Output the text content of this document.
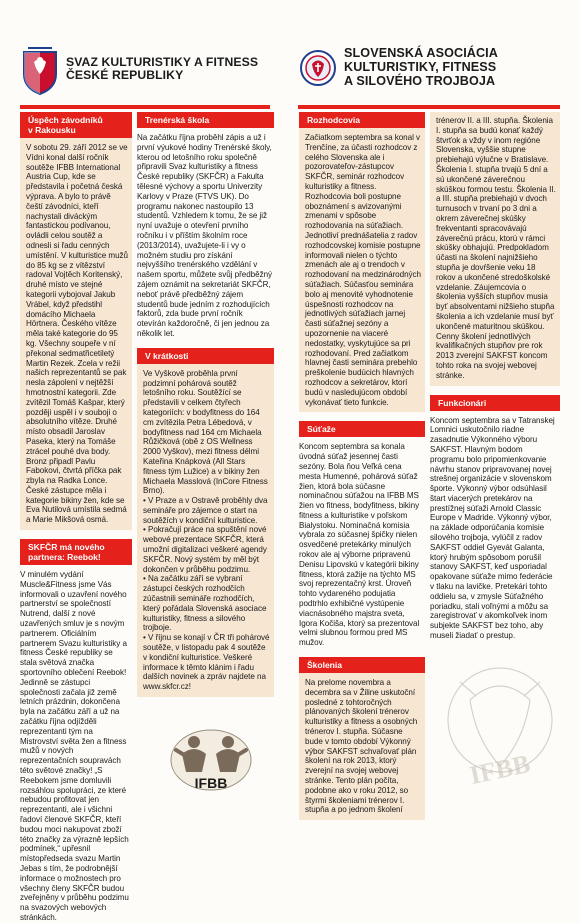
SVAZ KULTURISTIKY A FITNESS
ČESKÉ REPUBLIKY
SLOVENSKÁ ASOCIÁCIA
KULTURISTIKY, FITNESS
A SILOVÉHO TROJBOJA
Úspěch závodníků
v Rakousku

V sobotu 29. září 2012 se ve Vídni konal další ročník soutěže IFBB International Austria Cup, kde se představila i početná česká výprava. A bylo to právě čeští závodníci, kteří nachystali diváckým fantastickou podívanou, ovládli celou soutěž a odnesli si řadu cenných umístění. V kulturistice mužů do 85 kg se z vítězství radoval Vojtěch Koritenský, druhé místo ve stejné kategorii vybojoval Jakub Vrábel, když předstihl domácího Michaela Hörtnera. Českého vítěze měla také kategorie do 95 kg. Všechny soupeře v ní překonal sedmatřicetiletý Martin Rezek. Zcela v režii našich reprezentantů se pak nesla zápolení v nejtěžší hmotnostní kategorii. Zde zvítězil Tomáš Kašpar, který později uspěl i v souboji o absolutního vítěze. Druhé místo obsadil Jaroslav Paseka, který na Tomáše ztrácel pouhé dva body. Bronz připadl Pavlu Fabokovi, čtvrtá příčka pak zbyla na Radka Lonce. České zástupce měla i kategorie bikiny žen, kde se Eva Nutilová umístila sedmá a Marie Mikšová osmá.

SKFČR má nového
partnera: Reebok!

V minulém vydání Muscle&Fitness jsme Vás informovali o uzavření nového partnerství se společností Nutrend, další z nové uzavřených smluv je s novým partnerem. Oficiálním partnerem Svazu kulturistiky a fitness České republiky se stala světová značka sportovního oblečení Reebok! Jedinně se zástupci společnosti začala již země letních prázdnin, dokončena byla na začátku září a už na začátku října odjížděli reprezentanti tým na Mistrovství světa žen a fitness mužů v nových reprezentačních soupravách této světové značky! „S Reebokem jsme domluvili rozsáhlou spolupráci, ze které nebudou profitovat jen reprezentanti, ale i všichni řadoví členové SKFČR, kteří budou moci nakupovat zboží této značky za výrazně lepších podmínek,“ upřesnil místopředseda svazu Martin Jebas s tím, že podrobnější informace o možnostech pro všechny členy SKFČR budou zveřejněny v průběhu podzimu na svazových webových stránkách.

Trenérská škola

Na začátku října proběhl zápis a už i první výukové hodiny Trenérské školy, kterou od letošního roku společně připravili Svaz kulturistiky a fitness České republiky (SKFČR) a Fakulta tělesné výchovy a sportu Univerzity Karlovy v Praze (FTVS UK). Do programu nakonec nastoupilo 13 studentů. Vzhledem k tomu, že se již nyní uvažuje o otevření prvního ročníku i v příštím školním roce (2013/2014), uvažujete-li i vy o možném studiu pro získání nejvyššího trenérského vzdělání v našem sportu, můžete svůj předběžný zájem oznámit na sekretariát SKFČR, neboť právě předběžný zájem studentů bude jedním z rozhodujících faktorů, zda bude první ročník otevírán každoročně, či jen jednou za několik let.

V krátkosti

Ve Vyškově proběhla první podzimní pohárová soutěž letošního roku. Soutěžící se představili v celkem čtyřech kategoriích: v bodyfitness do 164 cm zvítězila Petra Lébedová, v bodyfitness nad 164 cm Michaela Růžičková (obě z OS Wellness 2000 Vyškov), mezi fitness délmi Kateřina Knápková (All Stars fitness tým Lužice) a v bikiny žen Michaela Masslová (InCore Fitness Brno).

• V Praze a v Ostravě proběhly dva semináře pro zájemce o start na soutěžích v kondiční kulturistice.

• Pokračují práce na spuštění nové webové prezentace SKFČR, která umožní digitalizaci veškeré agendy SKFČR. Nový systém by měl být dokončen v průběhu podzimu.

• Na začátku září se vybraní zástupci českých rozhodčích zúčastnili semináře rozhodčích, který pořádala Slovenská asociace kulturistiky, fitness a silového trojboje.

• V říjnu se konají v ČR tři pohárové soutěže, v listopadu pak 4 soutěže v kondiční kulturistice. Veškeré informace k těmto klánim i řadu dalších novinek a zpráv najdete na www.skfcr.cz!

Rozhodcovia

Začiatkom septembra sa konal v Trenčíne, za účasti rozhodcov z celého Slovenska ale i pozorovateľov-zástupcov SKFČR, seminár rozhodcov kulturistiky a fitness. Rozhodcovia boli postupne oboznámení s avizovanými zmenami v spôsobe rozhodovania na súťažiach. Jednotliví prednášatelia z radov rozhodcovskej komisie postupne informovali nielen o týchto zmenách ale aj o trendoch v rozhodovaní na medzinárodných súťažiach. Súčasťou seminára bolo aj menovité vyhodnotenie úspešnosti rozhodcov na jednotlivých súťažiach jarnej časti súťažnej sezóny a upozornenie na viaceré nedostatky, vyskytujúce sa pri rozhodovaní. Pred začiatkom hlavnej časti seminára prebehlo preškolenie budúcich hlavných rozhodcov a sekretárov, ktorí budú v nasledujúcom období vykonávať tieto funkcie.

Súťaže

Koncom septembra sa konala úvodná súťaž jesennej časti sezóny. Bola ňou Veľká cena mesta Humenné, pohárová súťaž žien, ktorá bola súčasne nominačnou súťažou na IFBB MS žien vo fitness, bodyfitness, bikiny fitness a kulturistike v poľskom Bialystoku. Nominačná komisia vybrala zo súčasnej špičky nielen osvedčené pretekárky minulých rokov ale aj výborne pripravenú Denisu Lipovskú v kategórii bikiny fitness, ktorá zažije na týchto MS svoj reprezentačný krst. Úroveň tohto vydareného podujatia podtrhlo exhibičné vystúpenie viacnásobného majstra sveta, Igora Kočiša, ktorý sa prezentoval velmi slubnou formou pred MS mužov.

Školenia

Na prelome novembra a decembra sa v Žiline uskutoční posledné z tohtoročných plánovaných školení trénerov kulturistiky a fitness a osobných trénerov I. stupňa. Súčasne bude v tomto období Výkonný výbor SAKFST schvaľovať plán školení na rok 2013, ktorý zverejní na svojej webovej stránke. Tento plán počíta, podobne ako v roku 2012, so štyrmi školeniami trénerov I. stupňa a po jednom školení

trénerov II. a III. stupňa. Školenia I. stupňa sa budú konať každý štvrťok a vždy v inom regióne Slovenska, vyššie stupne prebiehajú výlučne v Bratislave. Školenia I. stupňa trvajú 5 dní a sú ukončené záverečnou skúškou formou testu. Školenia II. a III. stupňa prebiehajú v dvoch turnusoch v trvaní po 3 dni a okrem záverečnej skúšky frekventanti spracovávajú záverečnú prácu, ktorú v rámci skúšky obhajujú. Predpokladom účasti na školení najnižšieho stupňa je dovŕšenie veku 18 rokov a ukončené stredoškolské vzdelanie. Záujemcovia o školenia vyšších stupňov musia byť absolventami nižšieho stupňa školenia a ich vzdelanie musí byť ukončené maturitnou skúškou. Cenny školení jednotlivých kvalifikačných stupňov pre rok 2013 zverejní SAKFST koncom tohto roka na svojej webovej stránke.

Funkcionári

Koncom septembra sa v Tatranskej Lomnici uskutočnilo riadne zasadnutie Výkonného výboru SAKFST. Hlavným bodom programu bolo pripomienkovanie návrhu stanov pripravovanej novej strešnej organizácie v slovenskom športe. Výkonný výbor odsúhlasil štart viacerých pretekárov na prestížnej súťaži Arnold Classic Europe v Madride. Výkonný výbor, na základe odporúčania komisie silového trojboja, vylúčil z radov SAKFST oddiel Gyevát Galanta, ktorý hrubým spôsobom porušil stanovy SAKFST, keď usporiadal opakovane súťaže mimo federácie v tlaku na lavičke. Pretekári tohto oddielu sa, v zmysle Súťažného poriadku, stali voľnými a môžu sa zaregistrovať v akomkoľvek inom subjekte SAKFST bez toho, aby museli žiadať o prestup.

IFBB	IFBB
